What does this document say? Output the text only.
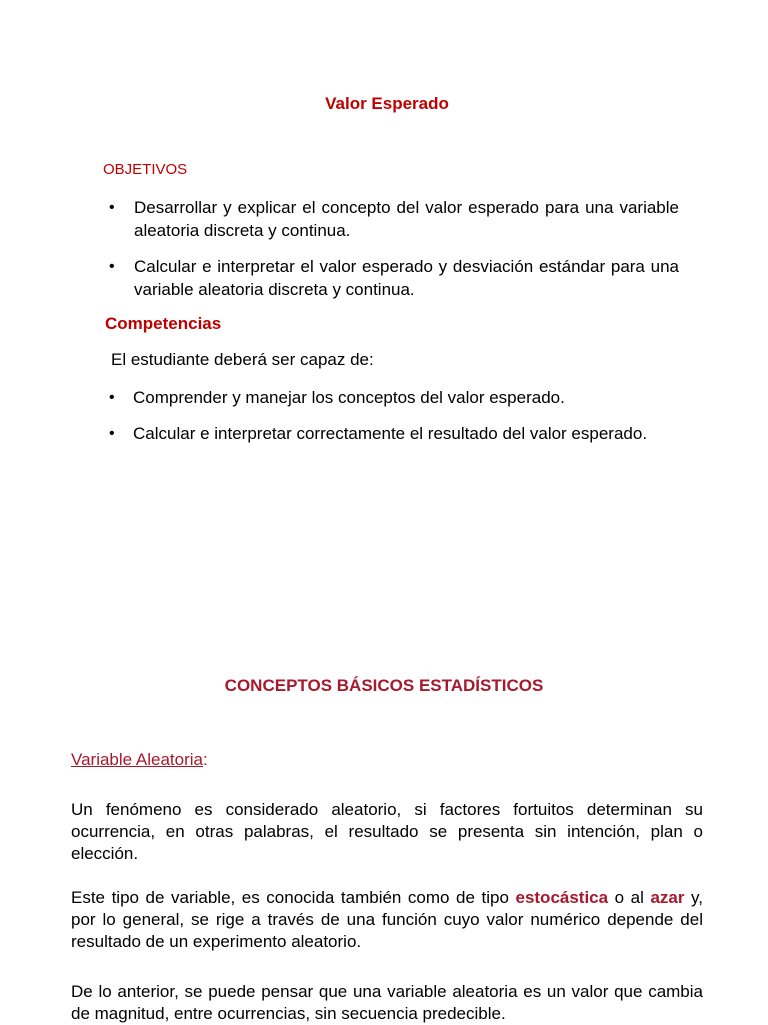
Valor Esperado
OBJETIVOS
• Desarrollar y explicar el concepto del valor esperado para una variable aleatoria discreta y continua.
• Calcular e interpretar el valor esperado y desviación estándar para una variable aleatoria discreta y continua.
Competencias
El estudiante deberá ser capaz de:
• Comprender y manejar los conceptos del valor esperado.
• Calcular e interpretar correctamente el resultado del valor esperado.
CONCEPTOS BÁSICOS ESTADÍSTICOS
Variable Aleatoria:

Un fenómeno es considerado aleatorio, si factores fortuitos determinan su ocurrencia, en otras palabras, el resultado se presenta sin intención, plan o elección.

Este tipo de variable, es conocida también como de tipo estocástica o al azar y, por lo general, se rige a través de una función cuyo valor numérico depende del resultado de un experimento aleatorio.

De lo anterior, se puede pensar que una variable aleatoria es un valor que cambia de magnitud, entre ocurrencias, sin secuencia predecible.
